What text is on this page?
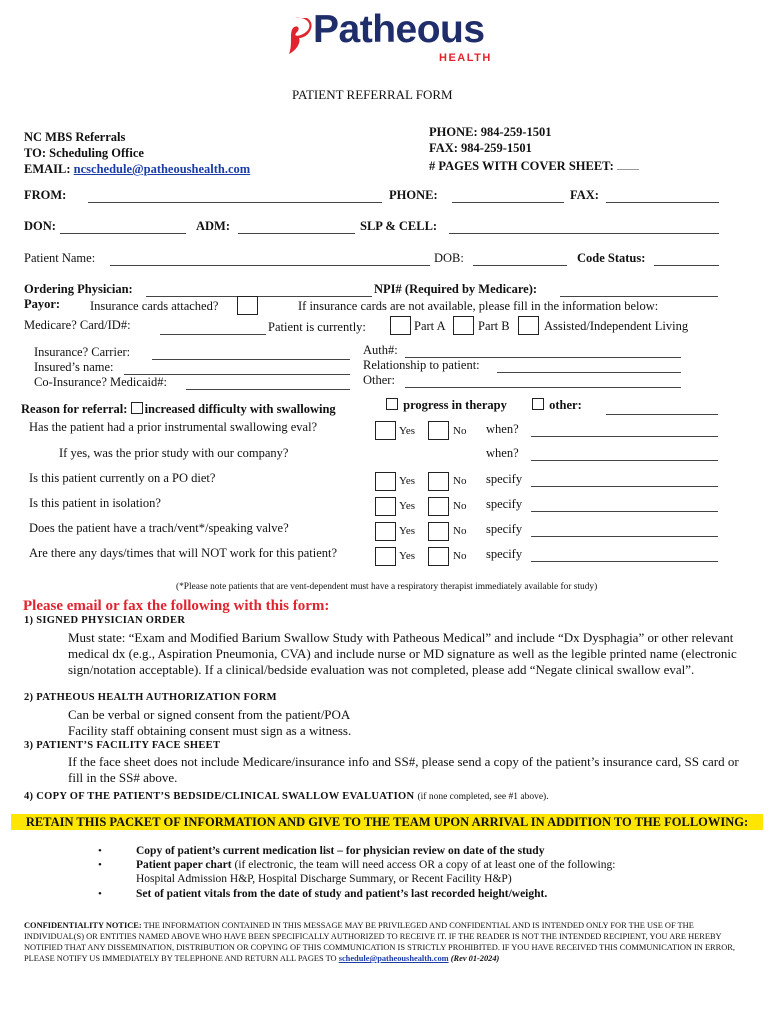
Patheous
HEALTH
PATIENT REFERRAL FORM
NC MBS Referrals
TO: Scheduling Office
EMAIL: ncschedule@patheoushealth.com
PHONE: 984-259-1501
FAX: 984-259-1501
# PAGES WITH COVER SHEET:
FROM:	PHONE:	FAX:
DON:	ADM:	SLP & CELL:
Patient Name:	DOB:	Code Status:
Ordering Physician:	NPI# (Required by Medicare):
Payor: Insurance cards attached?	If insurance cards are not available, please fill in the information below:
Medicare? Card/ID#:	Patient is currently:	Part A	Part B	Assisted/Independent Living
Insurance? Carrier:
Insured’s name:
Co-Insurance? Medicaid#:
Auth#:
Relationship to patient:
Other:
Reason for referral: increased difficulty with swallowing	progress in therapy	other:
Has the patient had a prior instrumental swallowing eval?	Yes	No when?
If yes, was the prior study with our company?	when?
Is this patient currently on a PO diet?	Yes	No specify
Is this patient in isolation?	Yes	No specify
Does the patient have a trach/vent*/speaking valve?	Yes	No specify
Are there any days/times that will NOT work for this patient?	Yes	No specify
(*Please note patients that are vent-dependent must have a respiratory therapist immediately available for study)
Please email or fax the following with this form:
1) SIGNED PHYSICIAN ORDER
Must state: “Exam and Modified Barium Swallow Study with Patheous Medical” and include “Dx Dysphagia” or other relevant medical dx (e.g., Aspiration Pneumonia, CVA) and include nurse or MD signature as well as the legible printed name (electronic sign/notation acceptable). If a clinical/bedside evaluation was not completed, please add “Negate clinical swallow eval”.
2) PATHEOUS HEALTH AUTHORIZATION FORM
Can be verbal or signed consent from the patient/POA
Facility staff obtaining consent must sign as a witness.
3) PATIENT’S FACILITY FACE SHEET
If the face sheet does not include Medicare/insurance info and SS#, please send a copy of the patient’s insurance card, SS card or fill in the SS# above.
4) COPY OF THE PATIENT’S BEDSIDE/CLINICAL SWALLOW EVALUATION (if none completed, see #1 above).
RETAIN THIS PACKET OF INFORMATION AND GIVE TO THE TEAM UPON ARRIVAL IN ADDITION TO THE FOLLOWING:
•	Copy of patient’s current medication list – for physician review on date of the study
•	Patient paper chart (if electronic, the team will need access OR a copy of at least one of the following:
Hospital Admission H&P, Hospital Discharge Summary, or Recent Facility H&P)
•	Set of patient vitals from the date of study and patient’s last recorded height/weight.
CONFIDENTIALITY NOTICE: THE INFORMATION CONTAINED IN THIS MESSAGE MAY BE PRIVILEGED AND CONFIDENTIAL AND IS INTENDED ONLY FOR THE USE OF THE INDIVIDUAL(S) OR ENTITIES NAMED ABOVE WHO HAVE BEEN SPECIFICALLY AUTHORIZED TO RECEIVE IT. IF THE READER IS NOT THE INTENDED RECIPIENT, YOU ARE HEREBY NOTIFIED THAT ANY DISSEMINATION, DISTRIBUTION OR COPYING OF THIS COMMUNICATION IS STRICTLY PROHIBITED. IF YOU HAVE RECEIVED THIS COMMUNICATION IN ERROR, PLEASE NOTIFY US IMMEDIATELY BY TELEPHONE AND RETURN ALL PAGES TO schedule@patheoushealth.com (Rev 01-2024)
